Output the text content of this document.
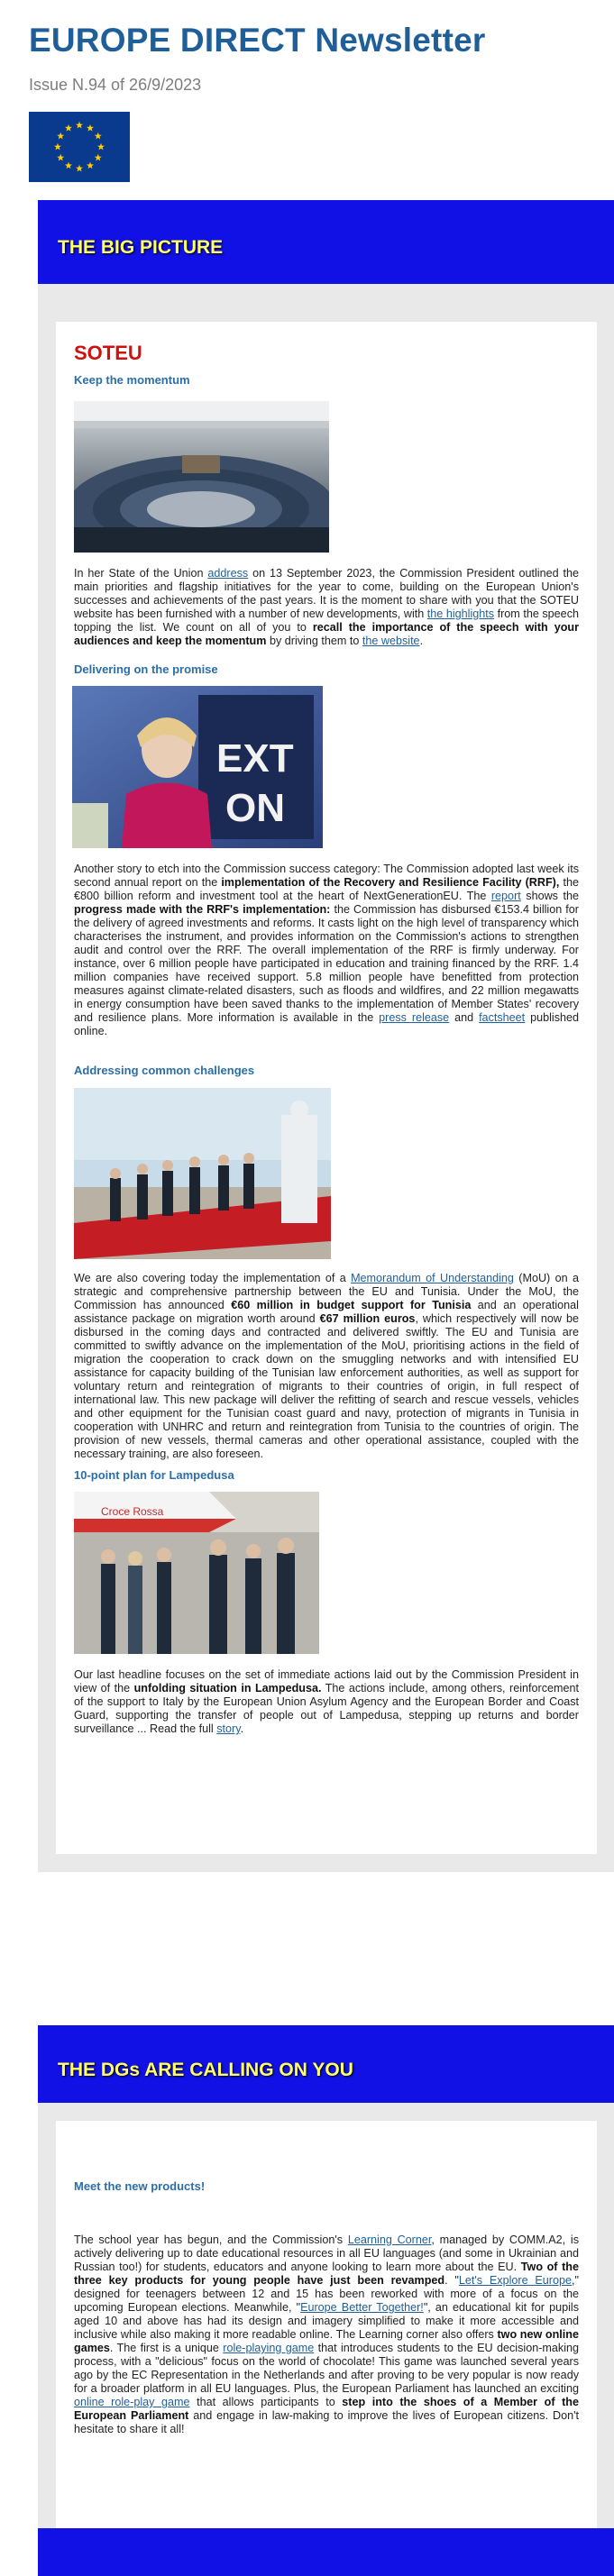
EUROPE DIRECT Newsletter
Issue N.94 of 26/9/2023
THE BIG PICTURE
SOTEU
Keep the momentum

In her State of the Union address on 13 September 2023, the Commission President outlined the main priorities and flagship initiatives for the year to come, building on the European Union's successes and achievements of the past years. It is the moment to share with you that the SOTEU website has been furnished with a number of new developments, with the highlights from the speech topping the list. We count on all of you to recall the importance of the speech with your audiences and keep the momentum by driving them to the website.

Delivering on the promise
EXT
ON

Another story to etch into the Commission success category: The Commission adopted last week its second annual report on the implementation of the Recovery and Resilience Facility (RRF), the €800 billion reform and investment tool at the heart of NextGenerationEU. The report shows the progress made with the RRF's implementation: the Commission has disbursed €153.4 billion for the delivery of agreed investments and reforms. It casts light on the high level of transparency which characterises the instrument, and provides information on the Commission's actions to strengthen audit and control over the RRF. The overall implementation of the RRF is firmly underway. For instance, over 6 million people have participated in education and training financed by the RRF. 1.4 million companies have received support. 5.8 million people have benefitted from protection measures against climate-related disasters, such as floods and wildfires, and 22 million megawatts in energy consumption have been saved thanks to the implementation of Member States' recovery and resilience plans. More information is available in the press release and factsheet published online.

Addressing common challenges

We are also covering today the implementation of a Memorandum of Understanding (MoU) on a strategic and comprehensive partnership between the EU and Tunisia. Under the MoU, the Commission has announced €60 million in budget support for Tunisia and an operational assistance package on migration worth around €67 million euros, which respectively will now be disbursed in the coming days and contracted and delivered swiftly. The EU and Tunisia are committed to swiftly advance on the implementation of the MoU, prioritising actions in the field of migration the cooperation to crack down on the smuggling networks and with intensified EU assistance for capacity building of the Tunisian law enforcement authorities, as well as support for voluntary return and reintegration of migrants to their countries of origin, in full respect of international law. This new package will deliver the refitting of search and rescue vessels, vehicles and other equipment for the Tunisian coast guard and navy, protection of migrants in Tunisia in cooperation with UNHRC and return and reintegration from Tunisia to the countries of origin. The provision of new vessels, thermal cameras and other operational assistance, coupled with the necessary training, are also foreseen.

10-point plan for Lampedusa
Croce Rossa

Our last headline focuses on the set of immediate actions laid out by the Commission President in view of the unfolding situation in Lampedusa. The actions include, among others, reinforcement of the support to Italy by the European Union Asylum Agency and the European Border and Coast Guard, supporting the transfer of people out of Lampedusa, stepping up returns and border surveillance ... Read the full story.

THE DGs ARE CALLING ON YOU
Meet the new products!

The school year has begun, and the Commission's Learning Corner, managed by COMM.A2, is actively delivering up to date educational resources in all EU languages (and some in Ukrainian and Russian too!) for students, educators and anyone looking to learn more about the EU. Two of the three key products for young people have just been revamped. "Let's Explore Europe," designed for teenagers between 12 and 15 has been reworked with more of a focus on the upcoming European elections. Meanwhile, "Europe Better Together!", an educational kit for pupils aged 10 and above has had its design and imagery simplified to make it more accessible and inclusive while also making it more readable online. The Learning corner also offers two new online games. The first is a unique role-playing game that introduces students to the EU decision-making process, with a "delicious" focus on the world of chocolate! This game was launched several years ago by the EC Representation in the Netherlands and after proving to be very popular is now ready for a broader platform in all EU languages. Plus, the European Parliament has launched an exciting online role-play game that allows participants to step into the shoes of a Member of the European Parliament and engage in law-making to improve the lives of European citizens. Don't hesitate to share it all!
